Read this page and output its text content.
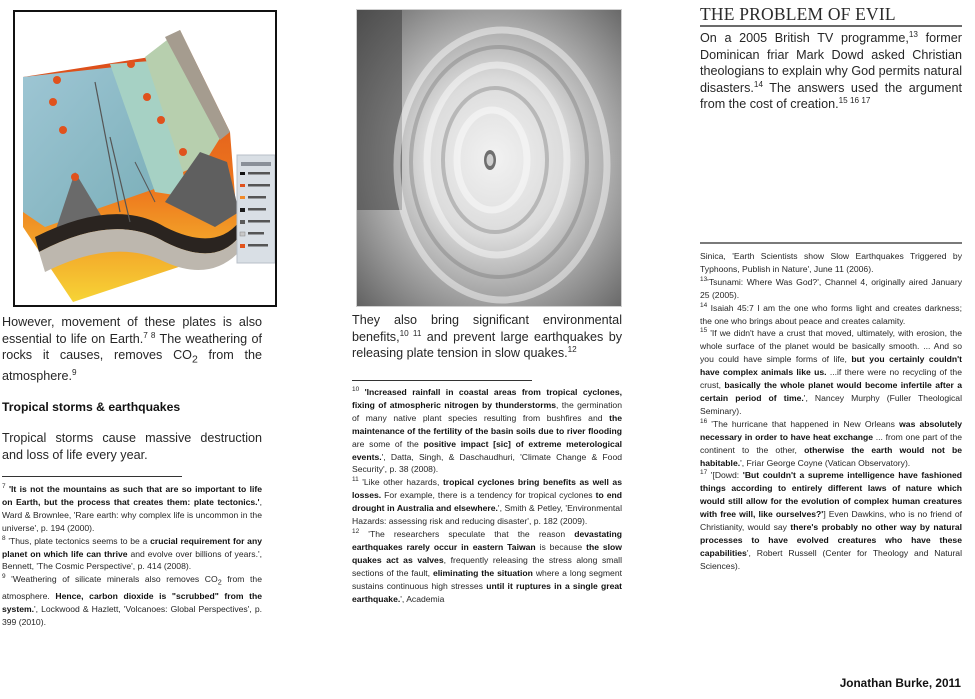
However, movement of these plates is also essential to life on Earth.$^{7 8}$ The weathering of rocks it causes, removes $CO_2$ from the atmosphere.$^9$
Tropical storms & earthquakes
Tropical storms cause massive destruction and loss of life every year.
$^7$ 'It is not the mountains as such that are so important to life on Earth, but the process that creates them: plate tectonics.', Ward & Brownlee, 'Rare earth: why complex life is uncommon in the universe', p. 194 (2000).
$^8$ 'Thus, plate tectonics seems to be a crucial requirement for any planet on which life can thrive and evolve over billions of years.', Bennett, 'The Cosmic Perspective', p. 414 (2008).
$^9$ 'Weathering of silicate minerals also removes $CO_2$ from the atmosphere. Hence, carbon dioxide is "scrubbed" from the system.', Lockwood & Hazlett, 'Volcanoes: Global Perspectives', p. 399 (2010).
They also bring significant environmental benefits,$^{10 11}$ and prevent large earthquakes by releasing plate tension in slow quakes.$^{12}$
$^{10}$ 'Increased rainfall in coastal areas from tropical cyclones, fixing of atmospheric nitrogen by thunderstorms, the germination of many native plant species resulting from bushfires and the maintenance of the fertility of the basin soils due to river flooding are some of the positive impact [sic] of extreme meterological events.', Datta, Singh, & Daschaudhuri, 'Climate Change & Food Security', p. 38 (2008).
$^{11}$ 'Like other hazards, tropical cyclones bring benefits as well as losses. For example, there is a tendency for tropical cyclones to end drought in Australia and elsewhere.', Smith & Petley, 'Environmental Hazards: assessing risk and reducing disaster', p. 182 (2009).
$^{12}$ 'The researchers speculate that the reason devastating earthquakes rarely occur in eastern Taiwan is because the slow quakes act as valves, frequently releasing the stress along small sections of the fault, eliminating the situation where a long segment sustains continuous high stresses until it ruptures in a single great earthquake.', Academia
THE PROBLEM OF EVIL
On a 2005 British TV programme,$^{13}$ former Dominican friar Mark Dowd asked Christian theologians to explain why God permits natural disasters.$^{14}$ The answers used the argument from the cost of creation.$^{15 16 17}$
Sinica, 'Earth Scientists show Slow Earthquakes Triggered by Typhoons, Publish in Nature', June 11 (2006).
$^{13}$'Tsunami: Where Was God?', Channel 4, originally aired January 25 (2005).
$^{14}$ Isaiah 45:7 I am the one who forms light and creates darkness; the one who brings about peace and creates calamity.
$^{15}$ 'If we didn't have a crust that moved, ultimately, with erosion, the whole surface of the planet would be basically smooth. ... And so you could have simple forms of life, but you certainly couldn't have complex animals like us. ...if there were no recycling of the crust, basically the whole planet would become infertile after a certain period of time.', Nancey Murphy (Fuller Theological Seminary).
$^{16}$ 'The hurricane that happened in New Orleans was absolutely necessary in order to have heat exchange ... from one part of the continent to the other, otherwise the earth would not be habitable.', Friar George Coyne (Vatican Observatory).
$^{17}$ '[Dowd: 'But couldn't a supreme intelligence have fashioned things according to entirely different laws of nature which would still allow for the evolution of complex human creatures with free will, like ourselves?'] Even Dawkins, who is no friend of Christianity, would say there's probably no other way by natural processes to have evolved creatures who have these capabilities', Robert Russell (Center for Theology and Natural Sciences).
Jonathan Burke, 2011
